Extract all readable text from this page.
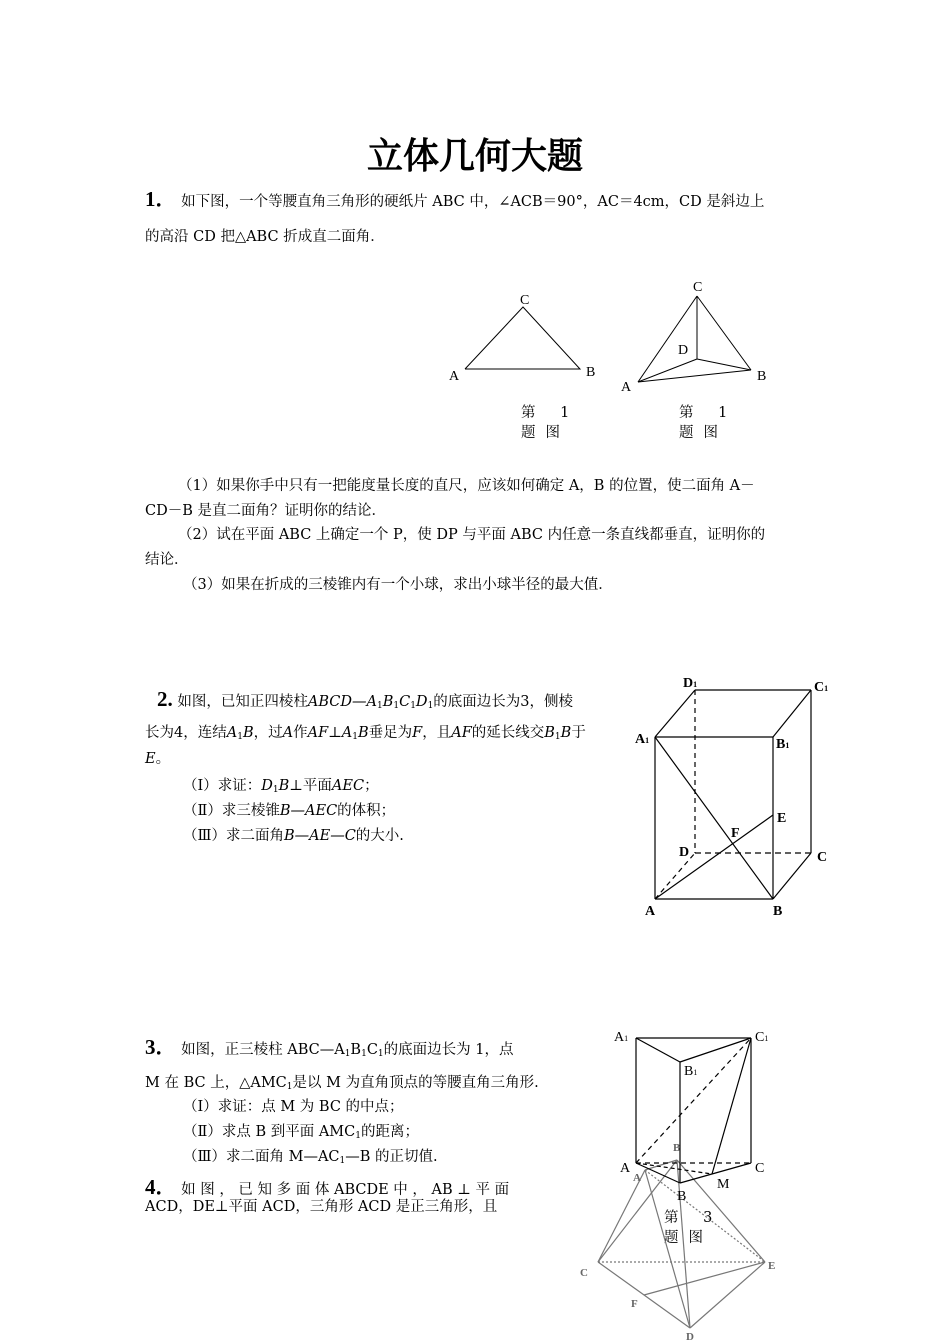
立体几何大题
1． 如下图，一个等腰直角三角形的硬纸片 ABC 中，∠ACB＝90°，AC＝4cm，CD 是斜边上
的高沿 CD 把△ABC 折成直二面角．
C
A	B
第 1 题图
C
D
A
B
第 1 题图
（1）如果你手中只有一把能度量长度的直尺，应该如何确定 A，B 的位置，使二面角 A－
CD－B 是直二面角？证明你的结论．
（2）试在平面 ABC 上确定一个 P，使 DP 与平面 ABC 内任意一条直线都垂直，证明你的
结论．
（3）如果在折成的三棱锥内有一个小球，求出小球半径的最大值．
2. 如图，已知正四棱柱$ABCD—A_1B_1C_1D_1$的底面边长为3，侧棱
长为4，连结$A_1B$，过A作$AF\perp A_1B$垂足为F，且AF的延长线交$B_1B$于
E。
（Ⅰ）求证：$D_1B\perp$平面AEC；
（Ⅱ）求三棱锥B—AEC的体积；
（Ⅲ）求二面角B—AE—C的大小.
D1	C1
A1	B1
E
F
D	C
A	B
3． 如图，正三棱柱 $ABC—A_1B_1C_1$的底面边长为 1，点
M 在 BC 上，$\triangle AMC_1$是以 M 为直角顶点的等腰直角三角形.
（I）求证：点 M 为 BC 的中点；
（Ⅱ）求点 B 到平面 $AMC_1$的距离；
（Ⅲ）求二面角 $M—AC_1—B$ 的正切值.
第 3 题图
4． 如 图 ， 已 知 多 面 体 ABCDE 中 ， AB ⊥ 平 面
ACD，DE⊥平面 ACD，三角形 ACD 是正三角形，且
B
A
C
E
F
D
A1	C1
B1
A	C
B
M
